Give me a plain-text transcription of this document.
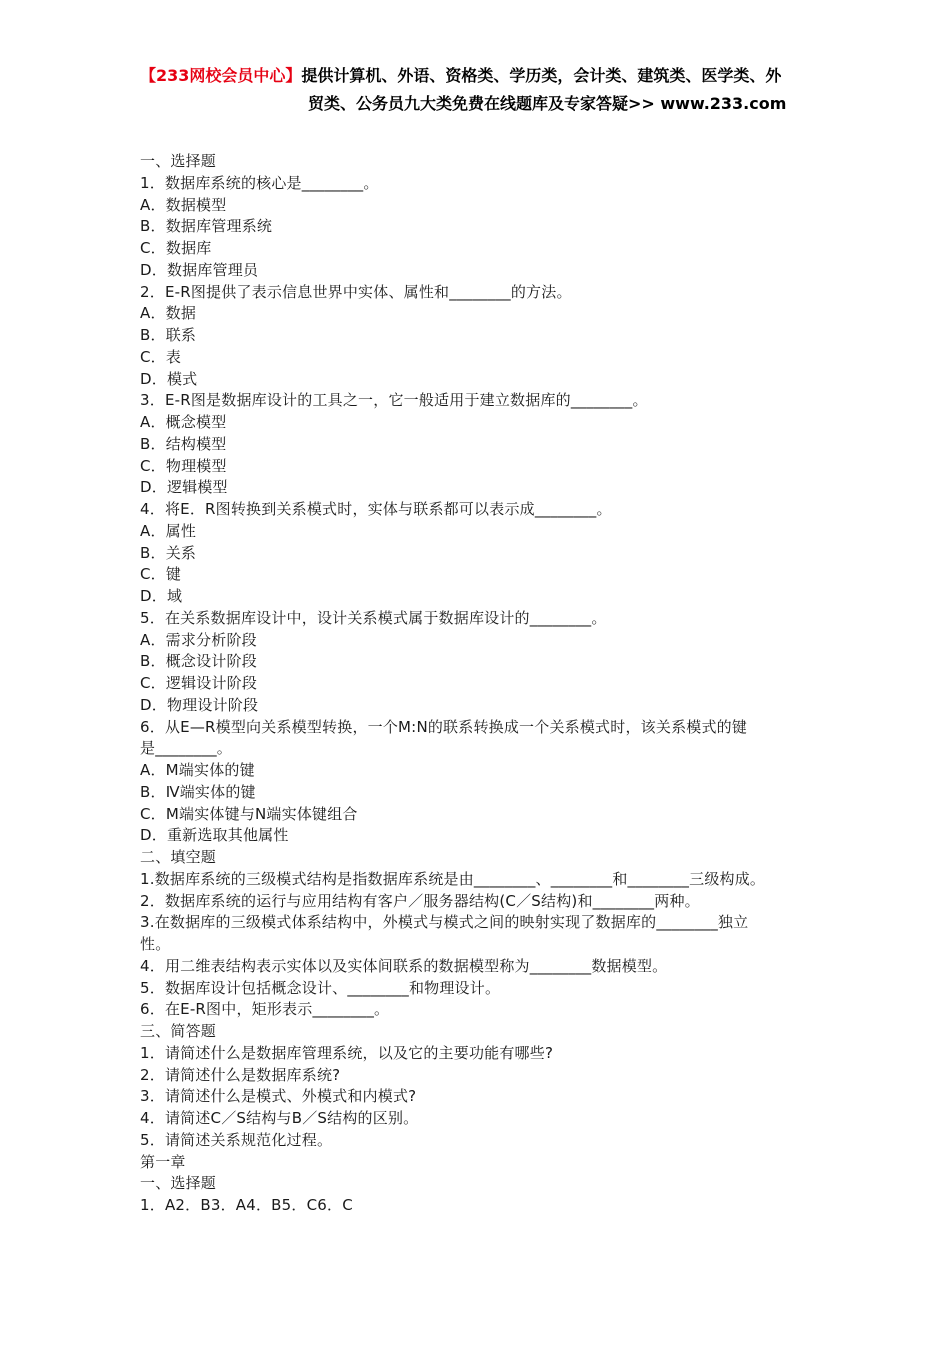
【233网校会员中心】提供计算机、外语、资格类、学历类，会计类、建筑类、医学类、外
贸类、公务员九大类免费在线题库及专家答疑>> www.233.com
一、选择题
1．数据库系统的核心是________。
A．数据模型
B．数据库管理系统
C．数据库
D．数据库管理员
2．E-R图提供了表示信息世界中实体、属性和________的方法。
A．数据
B．联系
C．表
D．模式
3．E-R图是数据库设计的工具之一，它一般适用于建立数据库的________。
A．概念模型
B．结构模型
C．物理模型
D．逻辑模型
4．将E．R图转换到关系模式时，实体与联系都可以表示成________。
A．属性
B．关系
C．键
D．域
5．在关系数据库设计中，设计关系模式属于数据库设计的________。
A．需求分析阶段
B．概念设计阶段
C．逻辑设计阶段
D．物理设计阶段
6．从E—R模型向关系模型转换，一个M:N的联系转换成一个关系模式时，该关系模式的键
是________。
A．M端实体的键
B．Ⅳ端实体的键
C．M端实体键与N端实体键组合
D．重新选取其他属性
二、填空题
1.数据库系统的三级模式结构是指数据库系统是由________、________和________三级构成。
2．数据库系统的运行与应用结构有客户／服务器结构(C／S结构)和________两种。
3.在数据库的三级模式体系结构中，外模式与模式之间的映射实现了数据库的________独立
性。
4．用二维表结构表示实体以及实体间联系的数据模型称为________数据模型。
5．数据库设计包括概念设计、________和物理设计。
6．在E-R图中，矩形表示________。
三、简答题
1．请简述什么是数据库管理系统，以及它的主要功能有哪些?
2．请简述什么是数据库系统?
3．请简述什么是模式、外模式和内模式?
4．请简述C／S结构与B／S结构的区别。
5．请简述关系规范化过程。
第一章
一、选择题
1．A2．B3．A4．B5．C6．C
